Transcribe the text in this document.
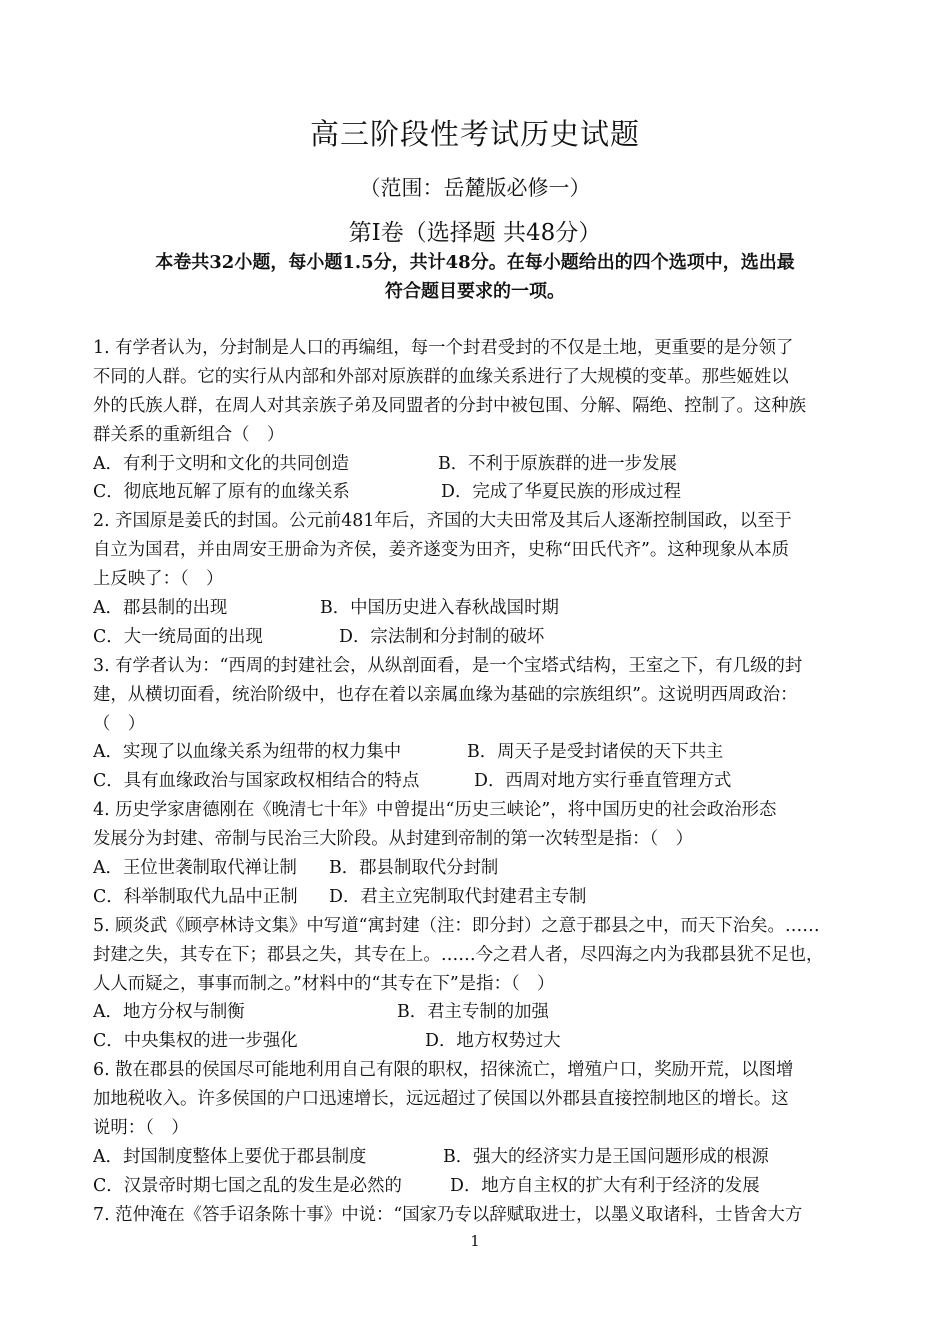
高三阶段性考试历史试题
（范围：岳麓版必修一）
第Ⅰ卷（选择题 共48分）
本卷共32小题，每小题1.5分，共计48分。在每小题给出的四个选项中，选出最
符合题目要求的一项。
1. 有学者认为，分封制是人口的再编组，每一个封君受封的不仅是土地，更重要的是分领了
不同的人群。它的实行从内部和外部对原族群的血缘关系进行了大规模的变革。那些姬姓以
外的氏族人群，在周人对其亲族子弟及同盟者的分封中被包围、分解、隔绝、控制了。这种族
群关系的重新组合（　）
A．有利于文明和文化的共同创造	B．不利于原族群的进一步发展
C．彻底地瓦解了原有的血缘关系	D．完成了华夏民族的形成过程
2. 齐国原是姜氏的封国。公元前481年后，齐国的大夫田常及其后人逐渐控制国政，以至于
自立为国君，并由周安王册命为齐侯，姜齐遂变为田齐，史称“田氏代齐”。这种现象从本质
上反映了：（　）
A．郡县制的出现	B．中国历史进入春秋战国时期
C．大一统局面的出现	D．宗法制和分封制的破坏
3. 有学者认为：“西周的封建社会，从纵剖面看，是一个宝塔式结构，王室之下，有几级的封
建，从横切面看，统治阶级中，也存在着以亲属血缘为基础的宗族组织”。这说明西周政治：
（　）
A．实现了以血缘关系为纽带的权力集中	B．周天子是受封诸侯的天下共主
C．具有血缘政治与国家政权相结合的特点	D．西周对地方实行垂直管理方式
4. 历史学家唐德刚在《晚清七十年》中曾提出“历史三峡论”，将中国历史的社会政治形态
发展分为封建、帝制与民治三大阶段。从封建到帝制的第一次转型是指：（　）
A．王位世袭制取代禅让制 B．郡县制取代分封制
C．科举制取代九品中正制 D．君主立宪制取代封建君主专制
5. 顾炎武《顾亭林诗文集》中写道“寓封建（注：即分封）之意于郡县之中，而天下治矣。……
封建之失，其专在下；郡县之失，其专在上。……今之君人者，尽四海之内为我郡县犹不足也，
人人而疑之，事事而制之。”材料中的“其专在下”是指：（　）
A．地方分权与制衡	B．君主专制的加强
C．中央集权的进一步强化	D．地方权势过大
6. 散在郡县的侯国尽可能地利用自己有限的职权，招徕流亡，增殖户口，奖励开荒，以图增
加地税收入。许多侯国的户口迅速增长，远远超过了侯国以外郡县直接控制地区的增长。这
说明：（　）
A．封国制度整体上要优于郡县制度	B．强大的经济实力是王国问题形成的根源
C．汉景帝时期七国之乱的发生是必然的	D．地方自主权的扩大有利于经济的发展
7. 范仲淹在《答手诏条陈十事》中说：“国家乃专以辞赋取进士，以墨义取诸科，士皆舍大方
1
